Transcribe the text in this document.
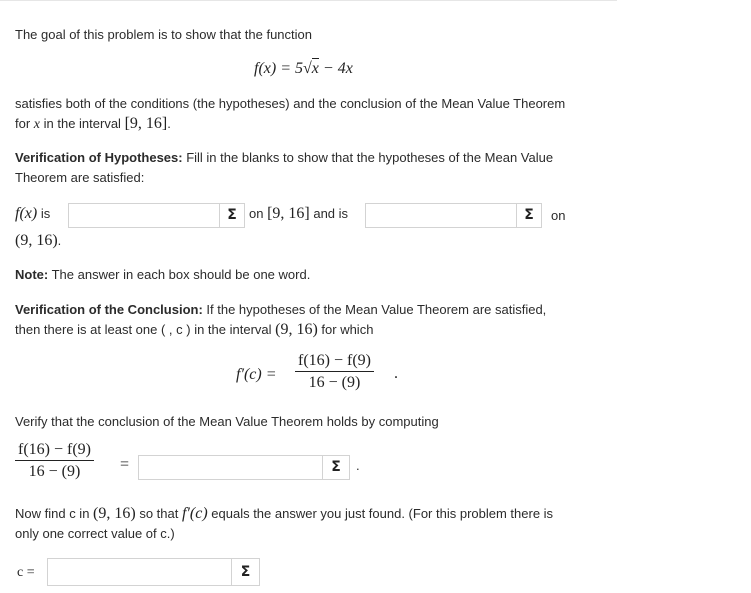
The goal of this problem is to show that the function
f(x) = 5√x − 4x
satisfies both of the conditions (the hypotheses) and the conclusion of the Mean Value Theorem
for x in the interval [9, 16].
Verification of Hypotheses: Fill in the blanks to show that the hypotheses of the Mean Value
Theorem are satisfied:
f(x) is	Σ on [9, 16] and is	Σ	on
(9, 16).
Note: The answer in each box should be one word.
Verification of the Conclusion: If the hypotheses of the Mean Value Theorem are satisfied,
then there is at least one ( , c ) in the interval (9, 16) for which
f′(c) =
f(16) − f(9)
16 − (9)
.
Verify that the conclusion of the Mean Value Theorem holds by computing
f(16) − f(9)
16 − (9)	=	Σ	.
Now find c in (9, 16) so that f′(c) equals the answer you just found. (For this problem there is
only one correct value of c.)
c =	Σ
